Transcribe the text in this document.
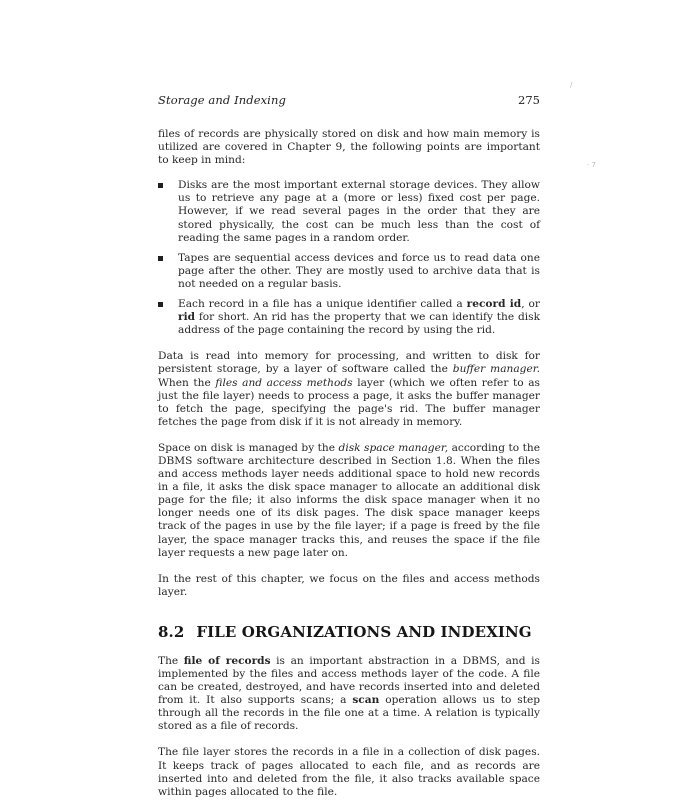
Storage and Indexing	275
/
· 7

files of records are physically stored on disk and how main memory is utilized are covered in Chapter 9, the following points are important to keep in mind:

Disks are the most important external storage devices. They allow us to retrieve any page at a (more or less) fixed cost per page. However, if we read several pages in the order that they are stored physically, the cost can be much less than the cost of reading the same pages in a random order.
Tapes are sequential access devices and force us to read data one page after the other. They are mostly used to archive data that is not needed on a regular basis.
Each record in a file has a unique identifier called a record id, or rid for short. An rid has the property that we can identify the disk address of the page containing the record by using the rid.

Data is read into memory for processing, and written to disk for persistent storage, by a layer of software called the buffer manager. When the files and access methods layer (which we often refer to as just the file layer) needs to process a page, it asks the buffer manager to fetch the page, specifying the page's rid. The buffer manager fetches the page from disk if it is not already in memory.

Space on disk is managed by the disk space manager, according to the DBMS software architecture described in Section 1.8. When the files and access methods layer needs additional space to hold new records in a file, it asks the disk space manager to allocate an additional disk page for the file; it also informs the disk space manager when it no longer needs one of its disk pages. The disk space manager keeps track of the pages in use by the file layer; if a page is freed by the file layer, the space manager tracks this, and reuses the space if the file layer requests a new page later on.

In the rest of this chapter, we focus on the files and access methods layer.

8.2 FILE ORGANIZATIONS AND INDEXING

The file of records is an important abstraction in a DBMS, and is implemented by the files and access methods layer of the code. A file can be created, destroyed, and have records inserted into and deleted from it. It also supports scans; a scan operation allows us to step through all the records in the file one at a time. A relation is typically stored as a file of records.

The file layer stores the records in a file in a collection of disk pages. It keeps track of pages allocated to each file, and as records are inserted into and deleted from the file, it also tracks available space within pages allocated to the file.
